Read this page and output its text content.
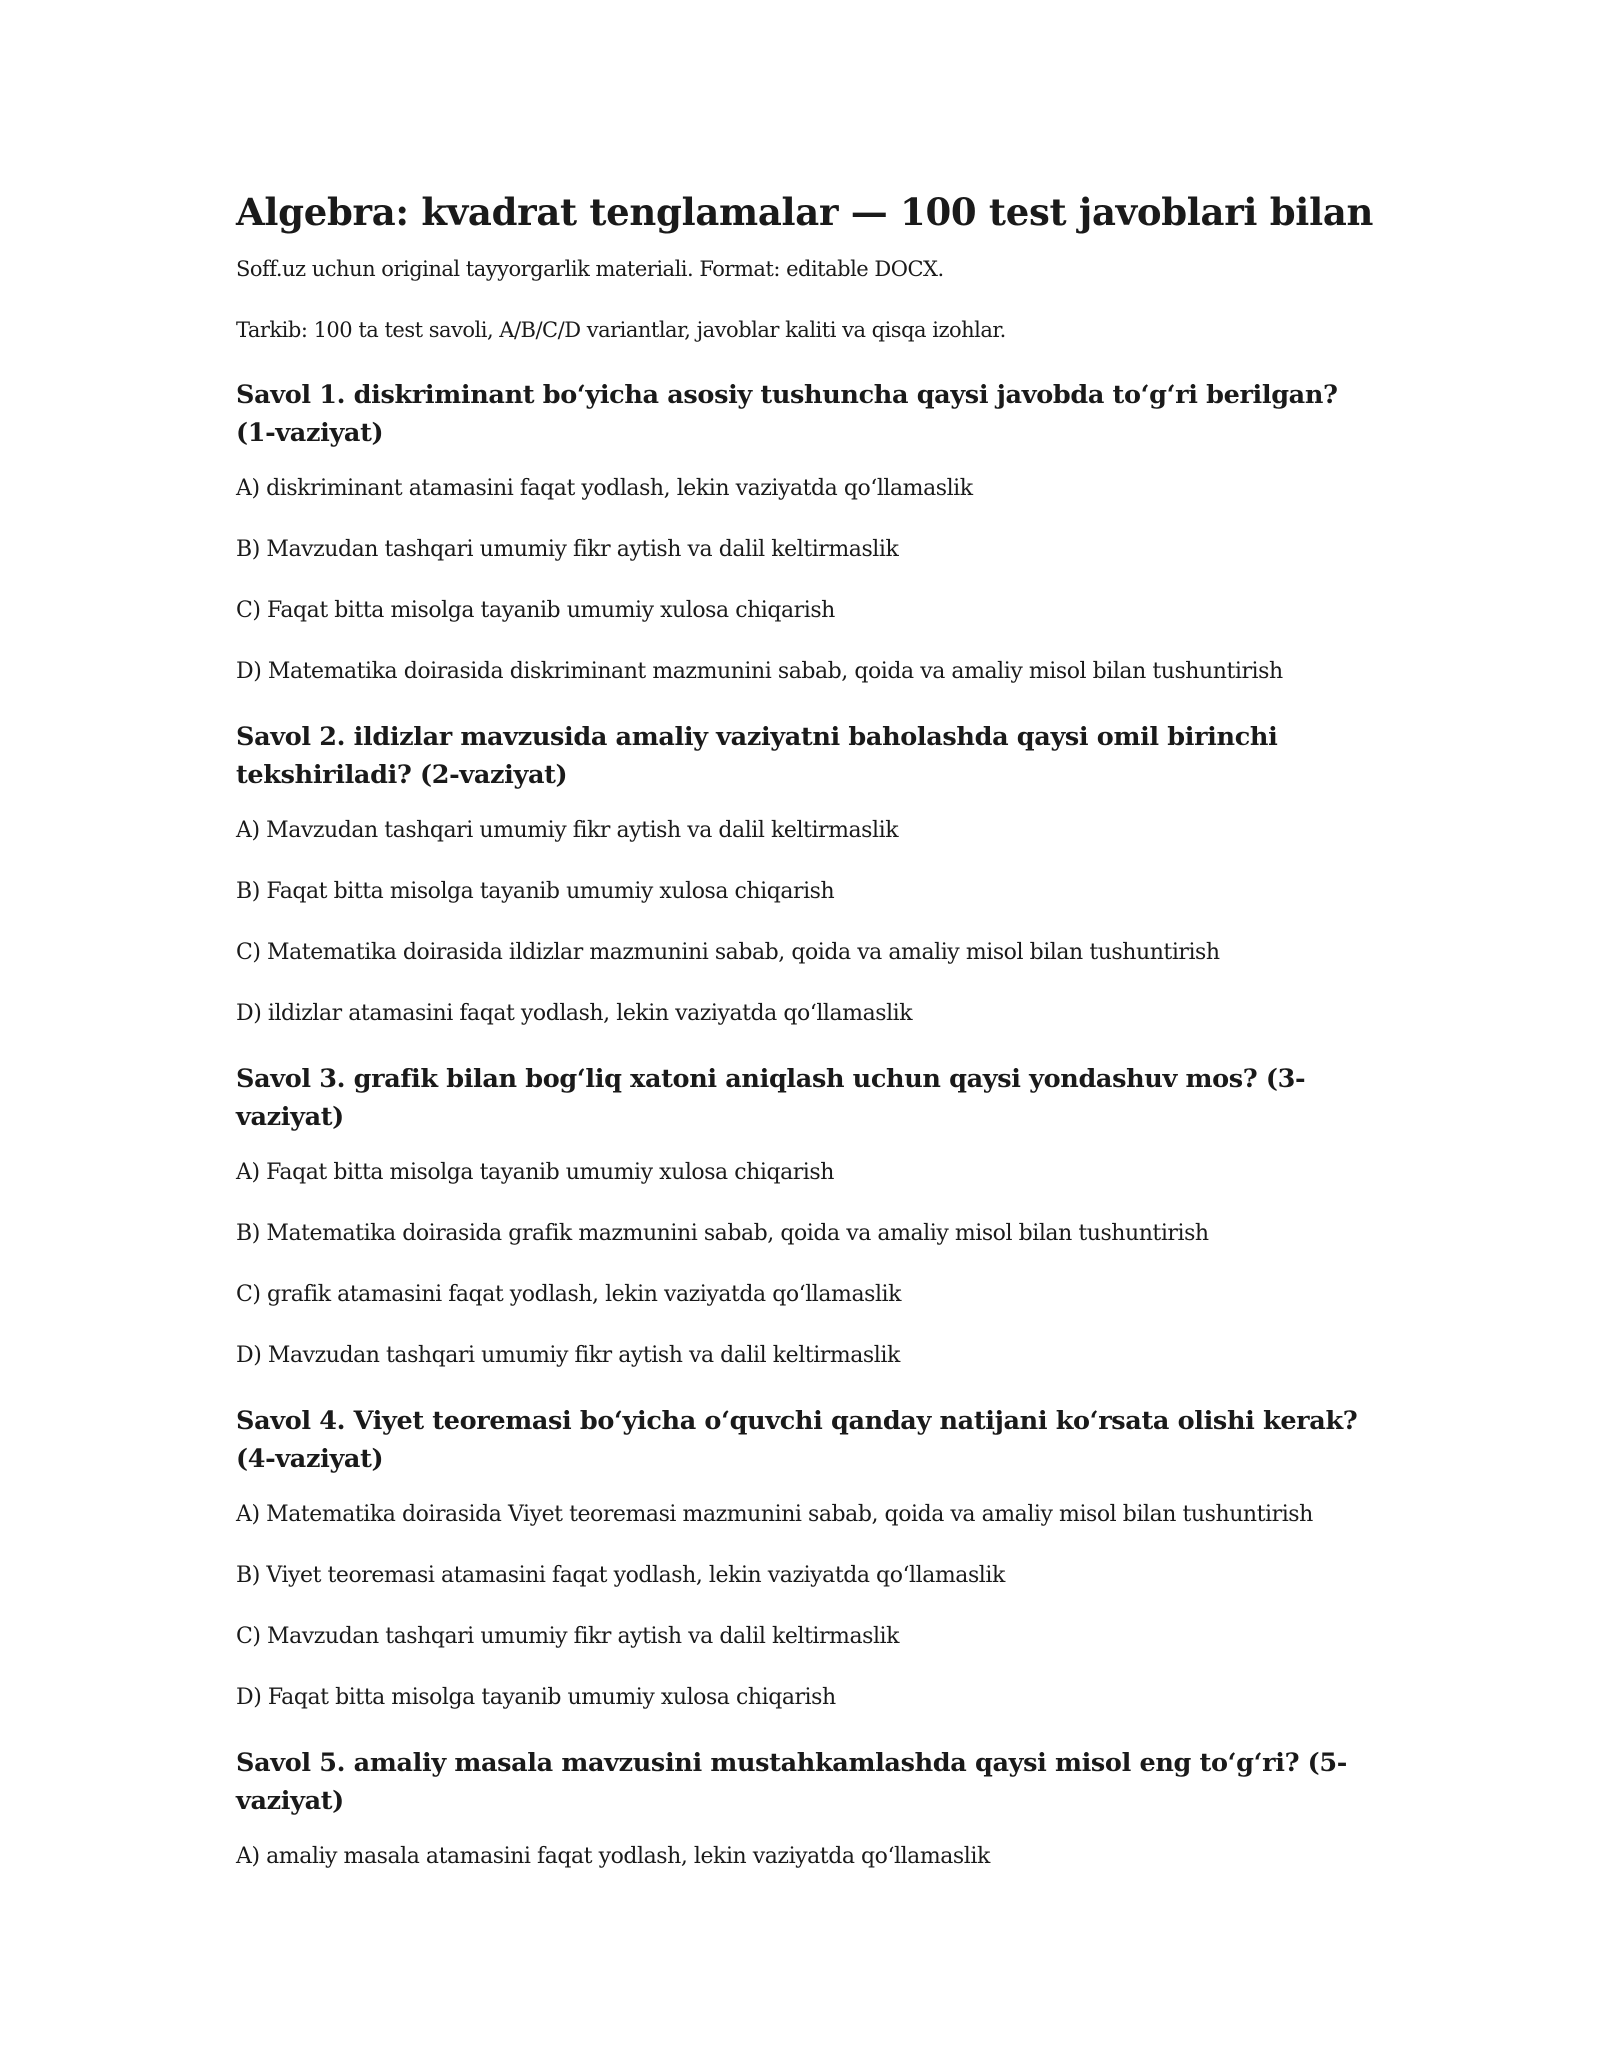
Algebra: kvadrat tenglamalar — 100 test javoblari bilan

Soff.uz uchun original tayyorgarlik materiali. Format: editable DOCX.

Tarkib: 100 ta test savoli, A/B/C/D variantlar, javoblar kaliti va qisqa izohlar.

Savol 1. diskriminant bo‘yicha asosiy tushuncha qaysi javobda to‘g‘ri berilgan? (1-vaziyat)

A) diskriminant atamasini faqat yodlash, lekin vaziyatda qo‘llamaslik

B) Mavzudan tashqari umumiy fikr aytish va dalil keltirmaslik

C) Faqat bitta misolga tayanib umumiy xulosa chiqarish

D) Matematika doirasida diskriminant mazmunini sabab, qoida va amaliy misol bilan tushuntirish

Savol 2. ildizlar mavzusida amaliy vaziyatni baholashda qaysi omil birinchi tekshiriladi? (2-vaziyat)

A) Mavzudan tashqari umumiy fikr aytish va dalil keltirmaslik

B) Faqat bitta misolga tayanib umumiy xulosa chiqarish

C) Matematika doirasida ildizlar mazmunini sabab, qoida va amaliy misol bilan tushuntirish

D) ildizlar atamasini faqat yodlash, lekin vaziyatda qo‘llamaslik

Savol 3. grafik bilan bog‘liq xatoni aniqlash uchun qaysi yondashuv mos? (3-vaziyat)

A) Faqat bitta misolga tayanib umumiy xulosa chiqarish

B) Matematika doirasida grafik mazmunini sabab, qoida va amaliy misol bilan tushuntirish

C) grafik atamasini faqat yodlash, lekin vaziyatda qo‘llamaslik

D) Mavzudan tashqari umumiy fikr aytish va dalil keltirmaslik

Savol 4. Viyet teoremasi bo‘yicha o‘quvchi qanday natijani ko‘rsata olishi kerak? (4-vaziyat)

A) Matematika doirasida Viyet teoremasi mazmunini sabab, qoida va amaliy misol bilan tushuntirish

B) Viyet teoremasi atamasini faqat yodlash, lekin vaziyatda qo‘llamaslik

C) Mavzudan tashqari umumiy fikr aytish va dalil keltirmaslik

D) Faqat bitta misolga tayanib umumiy xulosa chiqarish

Savol 5. amaliy masala mavzusini mustahkamlashda qaysi misol eng to‘g‘ri? (5-vaziyat)

A) amaliy masala atamasini faqat yodlash, lekin vaziyatda qo‘llamaslik
